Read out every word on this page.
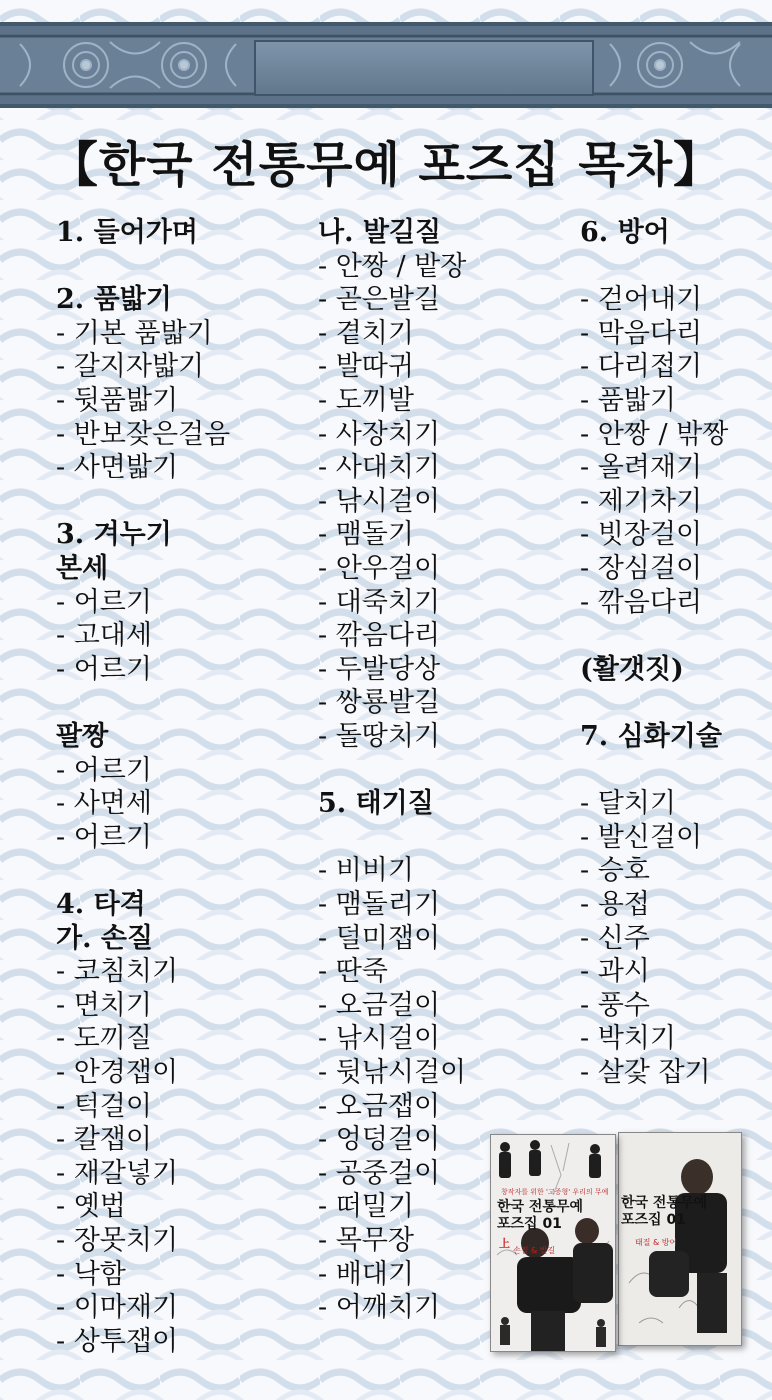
【한국 전통무예 포즈집 목차】
1. 들어가며
2. 품밟기
- 기본 품밟기
- 갈지자밟기
- 뒷품밟기
- 반보잦은걸음
- 사면밟기
3. 겨누기
본세
- 어르기
- 고대세
- 어르기
팔짱
- 어르기
- 사면세
- 어르기
4. 타격
가. 손질
- 코침치기
- 면치기
- 도끼질
- 안경잽이
- 턱걸이
- 칼잽이
- 재갈넣기
- 옛법
- 장못치기
- 낙함
- 이마재기
- 상투잽이
나. 발길질
- 안짱 / 밭장
- 곧은발길
- 곁치기
- 발따귀
- 도끼발
- 사장치기
- 사대치기
- 낚시걸이
- 맴돌기
- 안우걸이
- 대죽치기
- 깎음다리
- 두발당상
- 쌍룡발길
- 돌땅치기
5. 태기질
- 비비기
- 맴돌리기
- 덜미잽이
- 딴죽
- 오금걸이
- 낚시걸이
- 뒷낚시걸이
- 오금잽이
- 엉덩걸이
- 공중걸이
- 떠밀기
- 목무장
- 배대기
- 어깨치기
6. 방어
- 걷어내기
- 막음다리
- 다리접기
- 품밟기
- 안짱 / 밖짱
- 올려재기
- 제기차기
- 빗장걸이
- 장심걸이
- 깎음다리
(활갯짓)
7. 심화기술
- 달치기
- 발신걸이
- 승호
- 용접
- 신주
- 과시
- 풍수
- 박치기
- 살갗 잡기
한국 전통무예
포즈집 01
태질 & 방어
창작자를 위한 '고증형' 우리의 무예
한국 전통무예
포즈집 01
上
손질 & 발길
